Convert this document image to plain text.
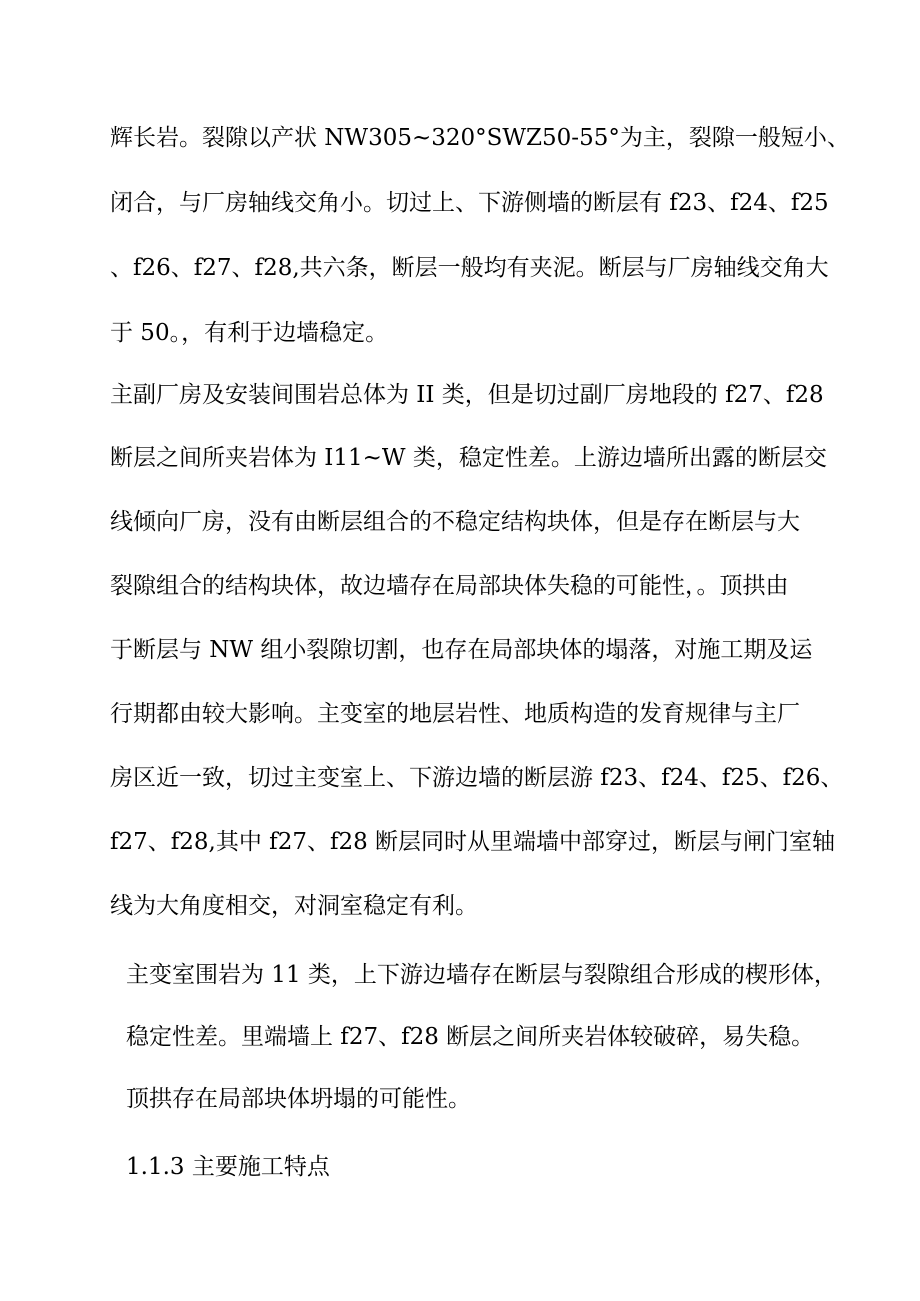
辉长岩。裂隙以产状 NW305~320°SWZ50-55°为主，裂隙一般短小、
闭合，与厂房轴线交角小。切过上、下游侧墙的断层有 f23、f24、f25
、f26、f27、f28,共六条，断层一般均有夹泥。断层与厂房轴线交角大
于 50。，有利于边墙稳定。
主副厂房及安装间围岩总体为 II 类，但是切过副厂房地段的 f27、f28
断层之间所夹岩体为 I11~W 类，稳定性差。上游边墙所出露的断层交
线倾向厂房，没有由断层组合的不稳定结构块体，但是存在断层与大
裂隙组合的结构块体，故边墙存在局部块体失稳的可能性，。顶拱由
于断层与 NW 组小裂隙切割，也存在局部块体的塌落，对施工期及运
行期都由较大影响。主变室的地层岩性、地质构造的发育规律与主厂
房区近一致，切过主变室上、下游边墙的断层游 f23、f24、f25、f26、
f27、f28,其中 f27、f28 断层同时从里端墙中部穿过，断层与闸门室轴
线为大角度相交，对洞室稳定有利。
主变室围岩为 11 类，上下游边墙存在断层与裂隙组合形成的楔形体，
稳定性差。里端墙上 f27、f28 断层之间所夹岩体较破碎，易失稳。
顶拱存在局部块体坍塌的可能性。
1.1.3 主要施工特点
